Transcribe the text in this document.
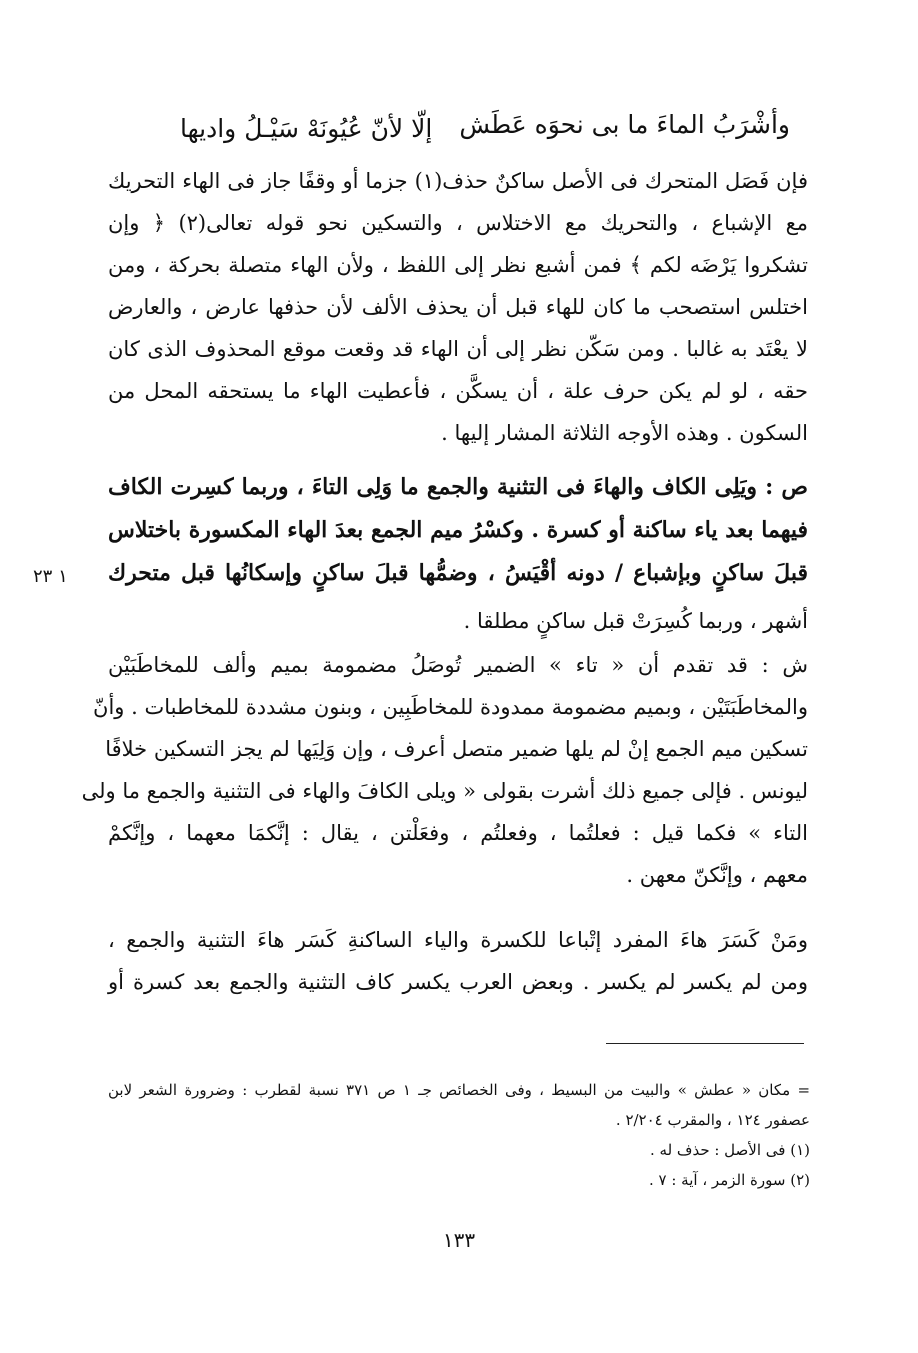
وأشْرَبُ الماءَ ما بى نحوَه عَطَش
إلّا لأنّ عُيُونَهْ سَيْـلُ واديها
فإن فَصَل المتحرك فى الأصل ساكنٌ حذف(١) جزما أو وقفًا جاز فى الهاء التحريك
مع الإشباع ، والتحريك مع الاختلاس ، والتسكين نحو قوله تعالى(٢) ﴿ وإن
تشكروا يَرْضَه لكم ﴾ فمن أشبع نظر إلى اللفظ ، ولأن الهاء متصلة بحركة ، ومن
اختلس استصحب ما كان للهاء قبل أن يحذف الألف لأن حذفها عارض ، والعارض
لا يعْتَد به غالبا . ومن سَكّن نظر إلى أن الهاء قد وقعت موقع المحذوف الذى كان
حقه ، لو لم يكن حرف علة ، أن يسكَّن ، فأعطيت الهاء ما يستحقه المحل من
السكون . وهذه الأوجه الثلاثة المشار إليها .
ص : ويَلِى الكاف والهاءَ فى التثنية والجمع ما وَلِى التاءَ ، وربما كسِرت الكاف
فيهما بعد ياء ساكنة أو كسرة . وكسْرُ ميم الجمع بعدَ الهاء المكسورة باختلاس
قبلَ ساكنٍ وبإشباع / دونه أقْيَسُ ، وضمُّها قبلَ ساكنٍ وإسكانُها قبل متحرك
١ ٢٣
أشهر ، وربما كُسِرَتْ قبل ساكنٍ مطلقا .
ش : قد تقدم أن « تاء » الضمير تُوصَلُ مضمومة بميم وألف للمخاطَبَيْن
والمخاطَبَتَيْن ، وبميم مضمومة ممدودة للمخاطَبِين ، وبنون مشددة للمخاطبات . وأنّ
تسكين ميم الجمع إنْ لم يلها ضمير متصل أعرف ، وإن وَلِيَها لم يجز التسكين خلافًا
ليونس . فإلى جميع ذلك أشرت بقولى « ويلى الكافَ والهاء فى التثنية والجمع ما ولى
التاء » فكما قيل : فعلتُما ، وفعلتُم ، وفعَلْتن ، يقال : إنَّكمَا معهما ، وإنَّكمْ
معهم ، وإنَّكنّ معهن .
ومَنْ كَسَرَ هاءَ المفرد إتْباعا للكسرة والياء الساكنةِ كَسَر هاءَ التثنية والجمع ،
ومن لم يكسر لم يكسر . وبعض العرب يكسر كاف التثنية والجمع بعد كسرة أو
= مكان « عطش » والبيت من البسيط ، وفى الخصائص جـ ١ ص ٣٧١ نسبة لقطرب : وضرورة الشعر لابن
عصفور ١٢٤ ، والمقرب ٢/٢٠٤ .
(١) فى الأصل : حذف له .
(٢) سورة الزمر ، آية : ٧ .
١٣٣
